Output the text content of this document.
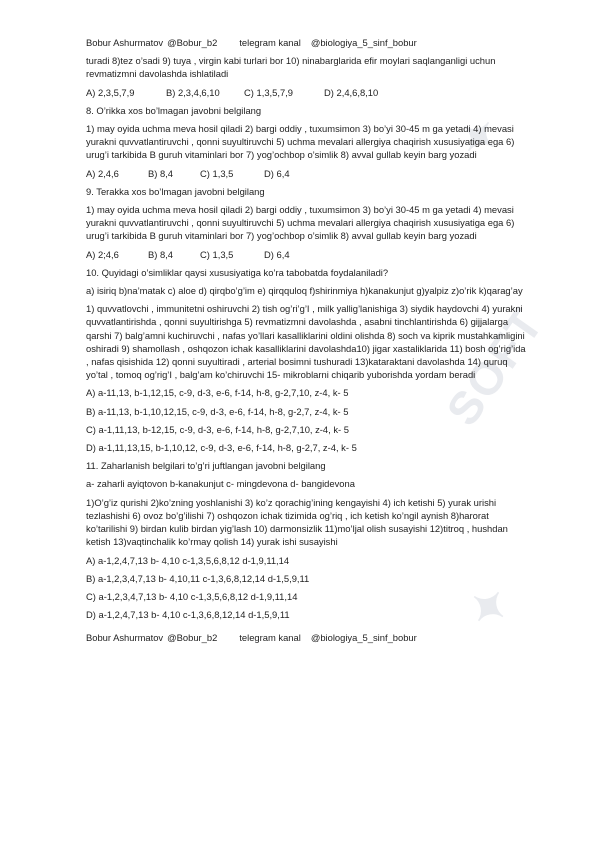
✦
SOFT
✦
Bobur Ashurmatov @Bobur_b2 telegram kanal @biologiya_5_sinf_bobur

turadi 8)tez o’sadi 9) tuya , virgin kabi turlari bor 10) ninabarglarida efir moylari saqlanganligi uchun revmatizmni davolashda ishlatiladi

A) 2,3,5,7,9	B) 2,3,4,6,10	C) 1,3,5,7,9	D) 2,4,6,8,10

8. O’rikka xos bo’lmagan javobni belgilang

1) may oyida uchma meva hosil qiladi 2) bargi oddiy , tuxumsimon 3) bo’yi 30-45 m ga yetadi 4) mevasi yurakni quvvatlantiruvchi , qonni suyultiruvchi 5) uchma mevalari allergiya chaqirish xususiyatiga ega 6) urug’i tarkibida B guruh vitaminlari bor 7) yog’ochbop o’simlik 8) avval gullab keyin barg yozadi

A) 2,4,6	B) 8,4	C) 1,3,5	D) 6,4

9. Terakka xos bo’lmagan javobni belgilang

1) may oyida uchma meva hosil qiladi 2) bargi oddiy , tuxumsimon 3) bo’yi 30-45 m ga yetadi 4) mevasi yurakni quvvatlantiruvchi , qonni suyultiruvchi 5) uchma mevalari allergiya chaqirish xususiyatiga ega 6) urug’i tarkibida B guruh vitaminlari bor 7) yog’ochbop o’simlik 8) avval gullab keyin barg yozadi

A) 2;4,6	B) 8,4	C) 1,3,5	D) 6,4

10. Quyidagi o’simliklar qaysi xususiyatiga ko’ra tabobatda foydalaniladi?

a) isiriq b)na’matak c) aloe d) qirqbo’g’im e) qirqquloq f)shirinmiya h)kanakunjut g)yalpiz z)o’rik k)qarag’ay

1) quvvatlovchi , immunitetni oshiruvchi 2) tish og’ri’g’I , milk yallig’lanishiga 3) siydik haydovchi 4) yurakni quvvatlantirishda , qonni suyultirishga 5) revmatizmni davolashda , asabni tinchlantirishda 6) gijjalarga qarshi 7) balg’amni kuchiruvchi , nafas yo’llari kasalliklarini oldini olishda 8) soch va kiprik mustahkamligini oshiradi 9) shamollash , oshqozon ichak kasalliklarini davolashda10) jigar xastaliklarida 11) bosh og’rig’ida , nafas qisishida 12) qonni suyultiradi , arterial bosimni tushuradi 13)kataraktani davolashda 14) quruq yo’tal , tomoq og’rig’I , balg’am ko’chiruvchi 15- mikroblarni chiqarib yuborishda yordam beradi

A) a-11,13, b-1,12,15, c-9, d-3, e-6, f-14, h-8, g-2,7,10, z-4, k- 5

B) a-11,13, b-1,10,12,15, c-9, d-3, e-6, f-14, h-8, g-2,7, z-4, k- 5

C) a-1,11,13, b-12,15, c-9, d-3, e-6, f-14, h-8, g-2,7,10, z-4, k- 5

D) a-1,11,13,15, b-1,10,12, c-9, d-3, e-6, f-14, h-8, g-2,7, z-4, k- 5

11. Zaharlanish belgilari to’g’ri juftlangan javobni belgilang

a- zaharli ayiqtovon b-kanakunjut c- mingdevona d- bangidevona

1)O’g’iz qurishi 2)ko’zning yoshlanishi 3) ko’z qorachig’ining kengayishi 4) ich ketishi 5) yurak urishi tezlashishi 6) ovoz bo’g’ilishi 7) oshqozon ichak tizimida og’riq , ich ketish ko’ngil aynish 8)harorat ko’tarilishi 9) birdan kulib birdan yig’lash 10) darmonsizlik 11)mo’ljal olish susayishi 12)titroq , hushdan ketish 13)vaqtinchalik ko’rmay qolish 14) yurak ishi susayishi

A) a-1,2,4,7,13 b- 4,10 c-1,3,5,6,8,12 d-1,9,11,14

B) a-1,2,3,4,7,13 b- 4,10,11 c-1,3,6,8,12,14 d-1,5,9,11

C) a-1,2,3,4,7,13 b- 4,10 c-1,3,5,6,8,12 d-1,9,11,14

D) a-1,2,4,7,13 b- 4,10 c-1,3,6,8,12,14 d-1,5,9,11

Bobur Ashurmatov @Bobur_b2 telegram kanal @biologiya_5_sinf_bobur
